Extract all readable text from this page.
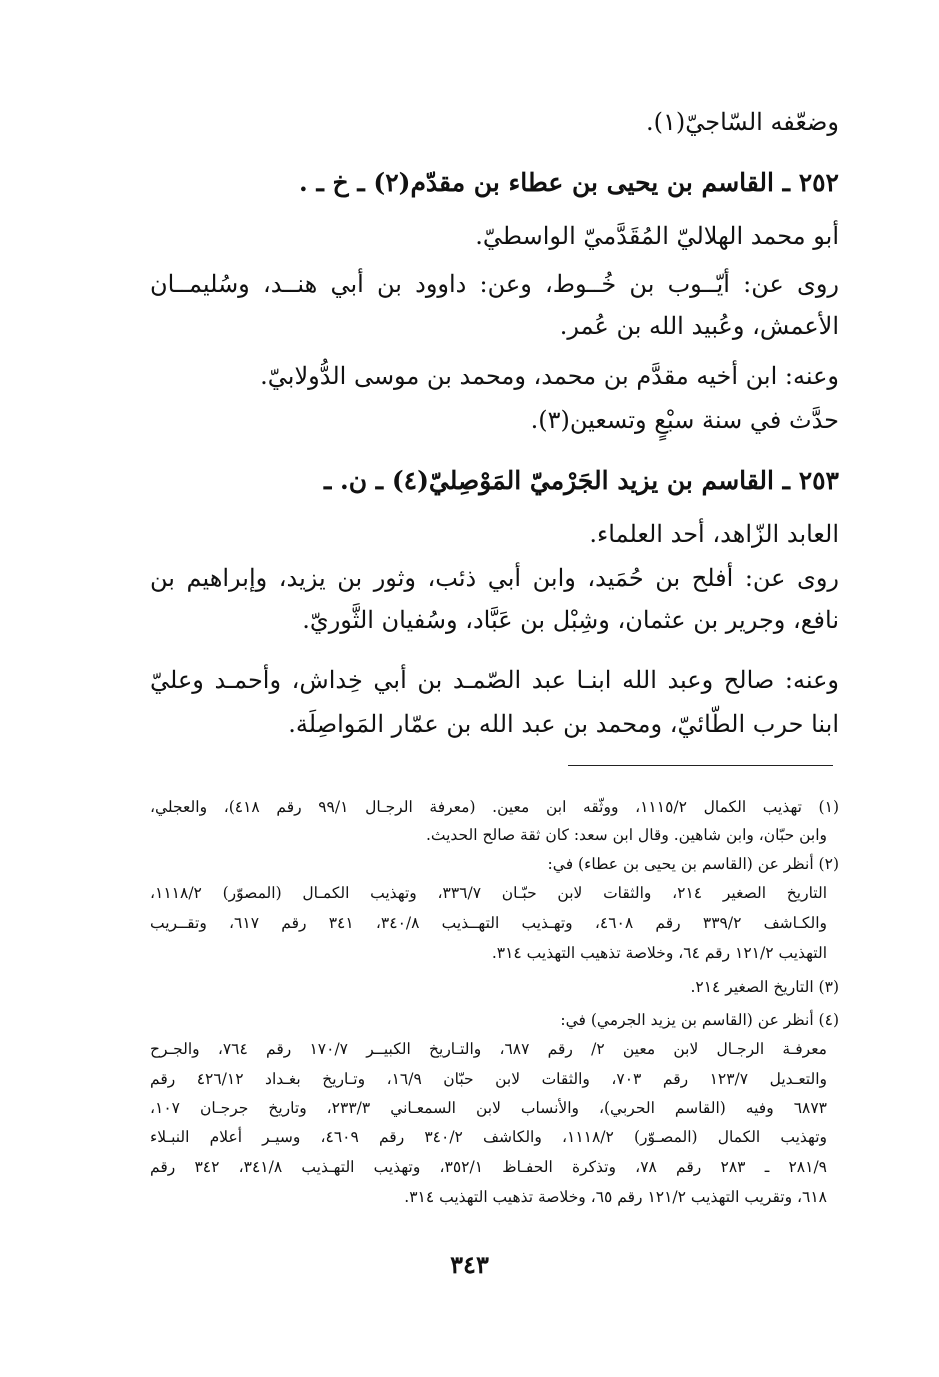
وضعّفه السّاجيّ(١).
٢٥٢ ـ القاسم بن يحيى بن عطاء بن مقدّم(٢) ـ خ ـ .
أبو محمد الهلاليّ المُقَدَّميّ الواسطيّ.
روى عن: أيّــوب بن خُــوط، وعن: داوود بن أبي هنــد، وسُليمــان
الأعمش، وعُبيد الله بن عُمر.
وعنه: ابن أخيه مقدَّم بن محمد، ومحمد بن موسى الدُّولابيّ.
حدَّث في سنة سبْعٍ وتسعين(٣).
٢٥٣ ـ القاسم بن يزيد الجَرْميّ المَوْصِليّ(٤) ـ ن. ـ
العابد الزّاهد، أحد العلماء.
روى عن: أفلح بن حُمَيد، وابن أبي ذئب، وثور بن يزيد، وإبراهيم بن
نافع، وجرير بن عثمان، وشِبْل بن عَبَّاد، وسُفيان الثَّوريّ.
وعنه: صالح وعبد الله ابنـا عبد الصّمـد بن أبي خِداش، وأحمـد وعليّ
ابنا حرب الطّائيّ، ومحمد بن عبد الله بن عمّار المَواصِلَة.
(١) تهذيب الكمال ١١١٥/٢، ووثّقه ابن معين. (معرفة الرجـال ٩٩/١ رقم ٤١٨)، والعجلي،
وابن حبّان، وابن شاهين. وقال ابن سعد: كان ثقة صالح الحديث.
(٢) أنظر عن (القاسم بن يحيى بن عطاء) في:
التاريخ الصغير ٢١٤، والثقات لابن حبّـان ٣٣٦/٧، وتهذيب الكمـال (المصوّر) ١١١٨/٢،
والكـاشف ٣٣٩/٢ رقم ٤٦٠٨، وتهـذيب التهــذيب ٣٤٠/٨، ٣٤١ رقم ٦١٧، وتقــريب
التهذيب ١٢١/٢ رقم ٦٤، وخلاصة تذهيب التهذيب ٣١٤.
(٣) التاريخ الصغير ٢١٤.
(٤) أنظر عن (القاسم بن يزيد الجرمي) في:
معرفـة الرجـال لابن معين ٢/ رقم ٦٨٧، والتـاريخ الكبيــر ١٧٠/٧ رقم ٧٦٤، والجـرح
والتعـديل ١٢٣/٧ رقم ٧٠٣، والثقات لابن حبّان ١٦/٩، وتـاريخ بغـداد ٤٢٦/١٢ رقم
٦٨٧٣ وفيه (القاسم الحربي)، والأنساب لابن السمعـاني ٢٣٣/٣، وتاريخ جرجـان ١٠٧،
وتهذيب الكمال (المصـوّر) ١١١٨/٢، والكاشف ٣٤٠/٢ رقم ٤٦٠٩، وسيـر أعلام النبـلاء
٢٨١/٩ ـ ٢٨٣ رقم ٧٨، وتذكرة الحفـاظ ٣٥٢/١، وتهذيب التهـذيب ٣٤١/٨، ٣٤٢ رقم
٦١٨، وتقريب التهذيب ١٢١/٢ رقم ٦٥، وخلاصة تذهيب التهذيب ٣١٤.
٣٤٣
